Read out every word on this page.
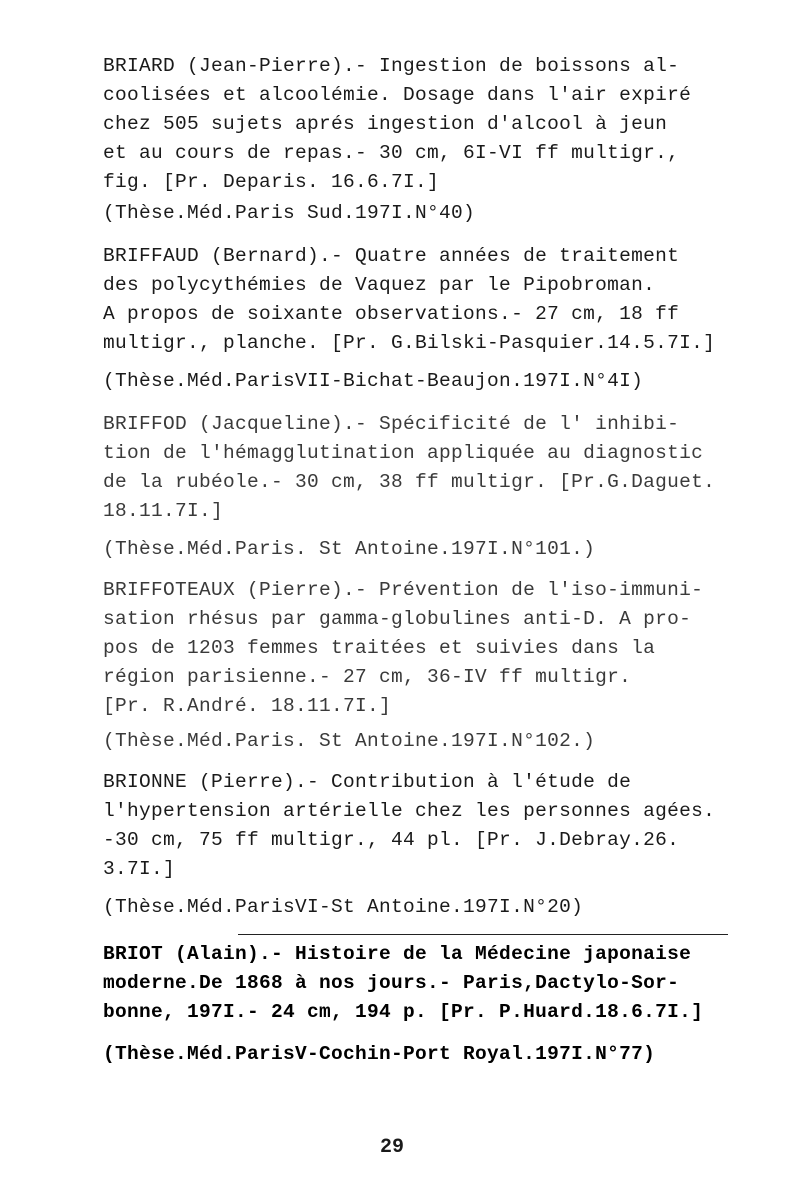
BRIARD (Jean-Pierre).- Ingestion de boissons al-
coolisées et alcoolémie. Dosage dans l'air expiré
chez 505 sujets aprés ingestion d'alcool à jeun
et au cours de repas.- 30 cm, 6I-VI ff multigr.,
fig. [Pr. Deparis. 16.6.7I.]
(Thèse.Méd.Paris Sud.197I.N°40)
BRIFFAUD (Bernard).- Quatre années de traitement
des polycythémies de Vaquez par le Pipobroman.
A propos de soixante observations.- 27 cm, 18 ff
multigr., planche. [Pr. G.Bilski-Pasquier.14.5.7I.]
(Thèse.Méd.ParisVII-Bichat-Beaujon.197I.N°4I)
BRIFFOD (Jacqueline).- Spécificité de l' inhibi-
tion de l'hémagglutination appliquée au diagnostic
de la rubéole.- 30 cm, 38 ff multigr. [Pr.G.Daguet.
18.11.7I.]
(Thèse.Méd.Paris. St Antoine.197I.N°101.)
BRIFFOTEAUX (Pierre).- Prévention de l'iso-immuni-
sation rhésus par gamma-globulines anti-D. A pro-
pos de 1203 femmes traitées et suivies dans la
région parisienne.- 27 cm, 36-IV ff multigr.
[Pr. R.André. 18.11.7I.]
(Thèse.Méd.Paris. St Antoine.197I.N°102.)
BRIONNE (Pierre).- Contribution à l'étude de
l'hypertension artérielle chez les personnes agées.
-30 cm, 75 ff multigr., 44 pl. [Pr. J.Debray.26.
3.7I.]
(Thèse.Méd.ParisVI-St Antoine.197I.N°20)
BRIOT (Alain).- Histoire de la Médecine japonaise
moderne.De 1868 à nos jours.- Paris,Dactylo-Sor-
bonne, 197I.- 24 cm, 194 p. [Pr. P.Huard.18.6.7I.]
(Thèse.Méd.ParisV-Cochin-Port Royal.197I.N°77)
29
